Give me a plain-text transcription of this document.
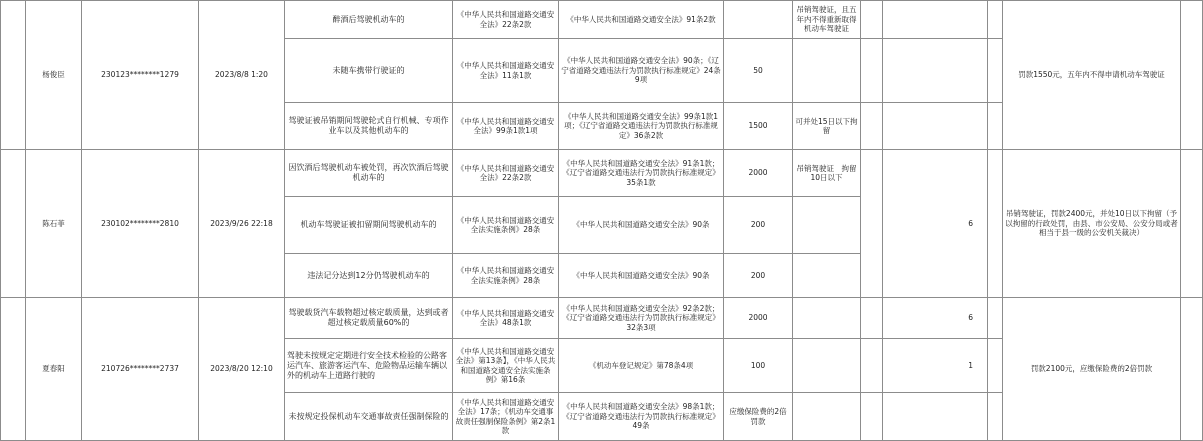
	杨俊臣	230123********1279	2023/8/8 1:20	醉酒后驾驶机动车的	《中华人民共和国道路交通安全法》22条2款	《中华人民共和国道路交通安全法》91条2款		吊销驾驶证，且五年内不得重新取得机动车驾驶证				罚款1550元，五年内不得申请机动车驾驶证	
				未随车携带行驶证的	《中华人民共和国道路交通安全法》11条1款	《中华人民共和国道路交通安全法》90条；《辽宁省道路交通违法行为罚款执行标准规定》24条9项	50						
				驾驶证被吊销期间驾驶轮式自行机械、专项作业车以及其他机动车的	《中华人民共和国道路交通安全法》99条1款1项	《中华人民共和国道路交通安全法》99条1款1项；《辽宁省道路交通违法行为罚款执行标准规定》36条2款	1500	可并处15日以下拘留					
	陈石菲	230102********2810	2023/9/26 22:18	因饮酒后驾驶机动车被处罚，再次饮酒后驾驶机动车的	《中华人民共和国道路交通安全法》22条2款	《中华人民共和国道路交通安全法》91条1款；《辽宁省道路交通违法行为罚款执行标准规定》35条1款	2000	吊销驾驶证　拘留10日以下		6		吊销驾驶证，罚款2400元，并处10日以下拘留（予以拘留的行政处罚，由县、市公安局、公安分局或者相当于县一级的公安机关裁决）	
				机动车驾驶证被扣留期间驾驶机动车的	《中华人民共和国道路交通安全法实施条例》28条	《中华人民共和国道路交通安全法》90条	200						
				违法记分达到12分仍驾驶机动车的	《中华人民共和国道路交通安全法实施条例》28条	《中华人民共和国道路交通安全法》90条	200						
	夏春阳	210726********2737	2023/8/20 12:10	驾驶载货汽车载物超过核定载质量，达到或者超过核定载质量60%的	《中华人民共和国道路交通安全法》48条1款	《中华人民共和国道路交通安全法》92条2款；《辽宁省道路交通违法行为罚款执行标准规定》32条3项	2000			6		罚款2100元，应缴保险费的2倍罚款	
				驾驶未按规定定期进行安全技术检验的公路客运汽车、旅游客运汽车、危险物品运输车辆以外的机动车上道路行驶的	《中华人民共和国道路交通安全法》第13条】，《中华人民共和国道路交通安全法实施条例》第16条	《机动车登记规定》第78条4项	100			1			
				未按规定投保机动车交通事故责任强制保险的	《中华人民共和国道路交通安全法》17条；《机动车交通事故责任强制保险条例》第2条1款	《中华人民共和国道路交通安全法》98条1款；《辽宁省道路交通违法行为罚款执行标准规定》49条	应缴保险费的2倍罚款						
